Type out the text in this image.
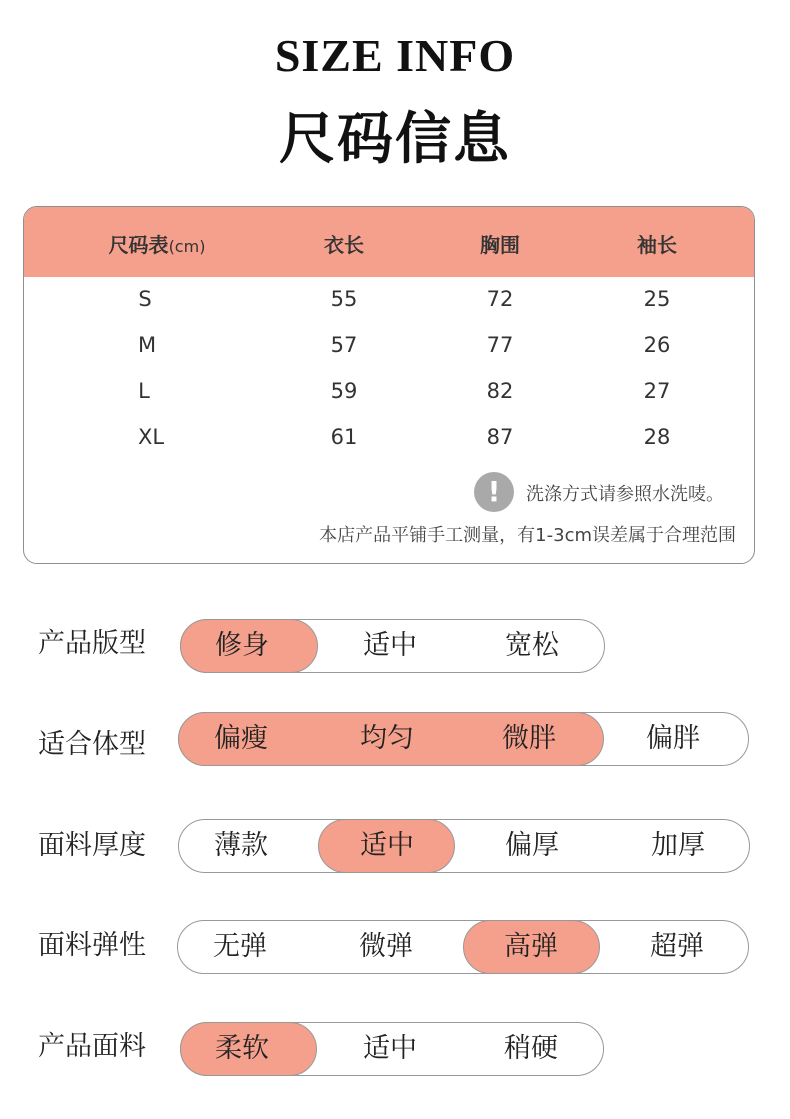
SIZE INFO
尺码信息
尺码表(cm)	衣长	胸围	袖长
S	55	72	25
M	57	77	26
L	59	82	27
XL	61	87	28
!	洗涤方式请参照水洗唛。
本店产品平铺手工测量，有1-3cm误差属于合理范围
产品版型	修身	适中	宽松
适合体型	偏瘦	均匀	微胖	偏胖
面料厚度	薄款	适中	偏厚	加厚
面料弹性 无弹	微弹	高弹	超弹
产品面料	柔软	适中	稍硬
